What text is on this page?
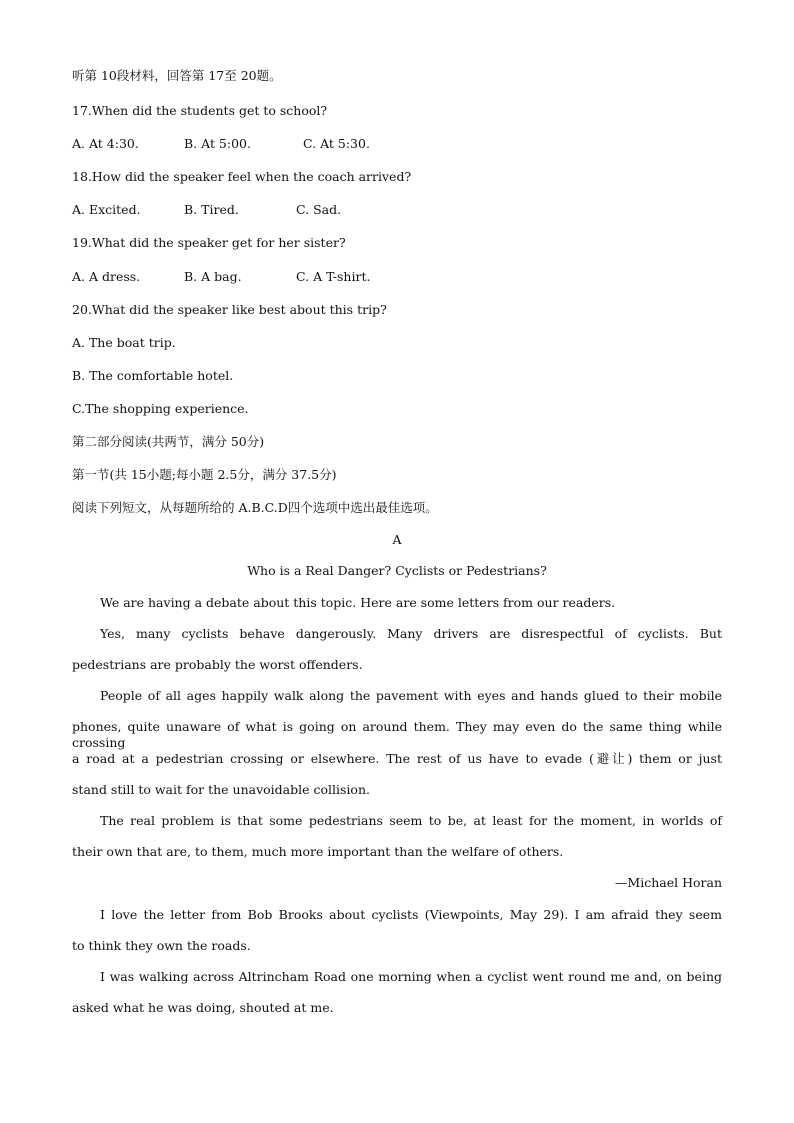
听第 10段材料，回答第 17至 20题。
17.When did the students get to school?
A. At 4:30.	B. At 5:00.	C. At 5:30.
18.How did the speaker feel when the coach arrived?
A. Excited.	B. Tired.	C. Sad.
19.What did the speaker get for her sister?
A. A dress.	B. A bag.	C. A T-shirt.
20.What did the speaker like best about this trip?
A. The boat trip.
B. The comfortable hotel.
C.The shopping experience.
第二部分阅读(共两节，满分 50分)
第一节(共 15小题;每小题 2.5分，满分 37.5分)
阅读下列短文，从每题所给的 A.B.C.D四个选项中选出最佳选项。
A
Who is a Real Danger? Cyclists or Pedestrians?
We are having a debate about this topic. Here are some letters from our readers.
Yes, many cyclists behave dangerously. Many drivers are disrespectful of cyclists. But
pedestrians are probably the worst offenders.
People of all ages happily walk along the pavement with eyes and hands glued to their mobile
phones, quite unaware of what is going on around them. They may even do the same thing while crossing
a road at a pedestrian crossing or elsewhere. The rest of us have to evade (避让) them or just
stand still to wait for the unavoidable collision.
The real problem is that some pedestrians seem to be, at least for the moment, in worlds of
their own that are, to them, much more important than the welfare of others.
—Michael Horan
I love the letter from Bob Brooks about cyclists (Viewpoints, May 29). I am afraid they seem
to think they own the roads.
I was walking across Altrincham Road one morning when a cyclist went round me and, on being
asked what he was doing, shouted at me.
